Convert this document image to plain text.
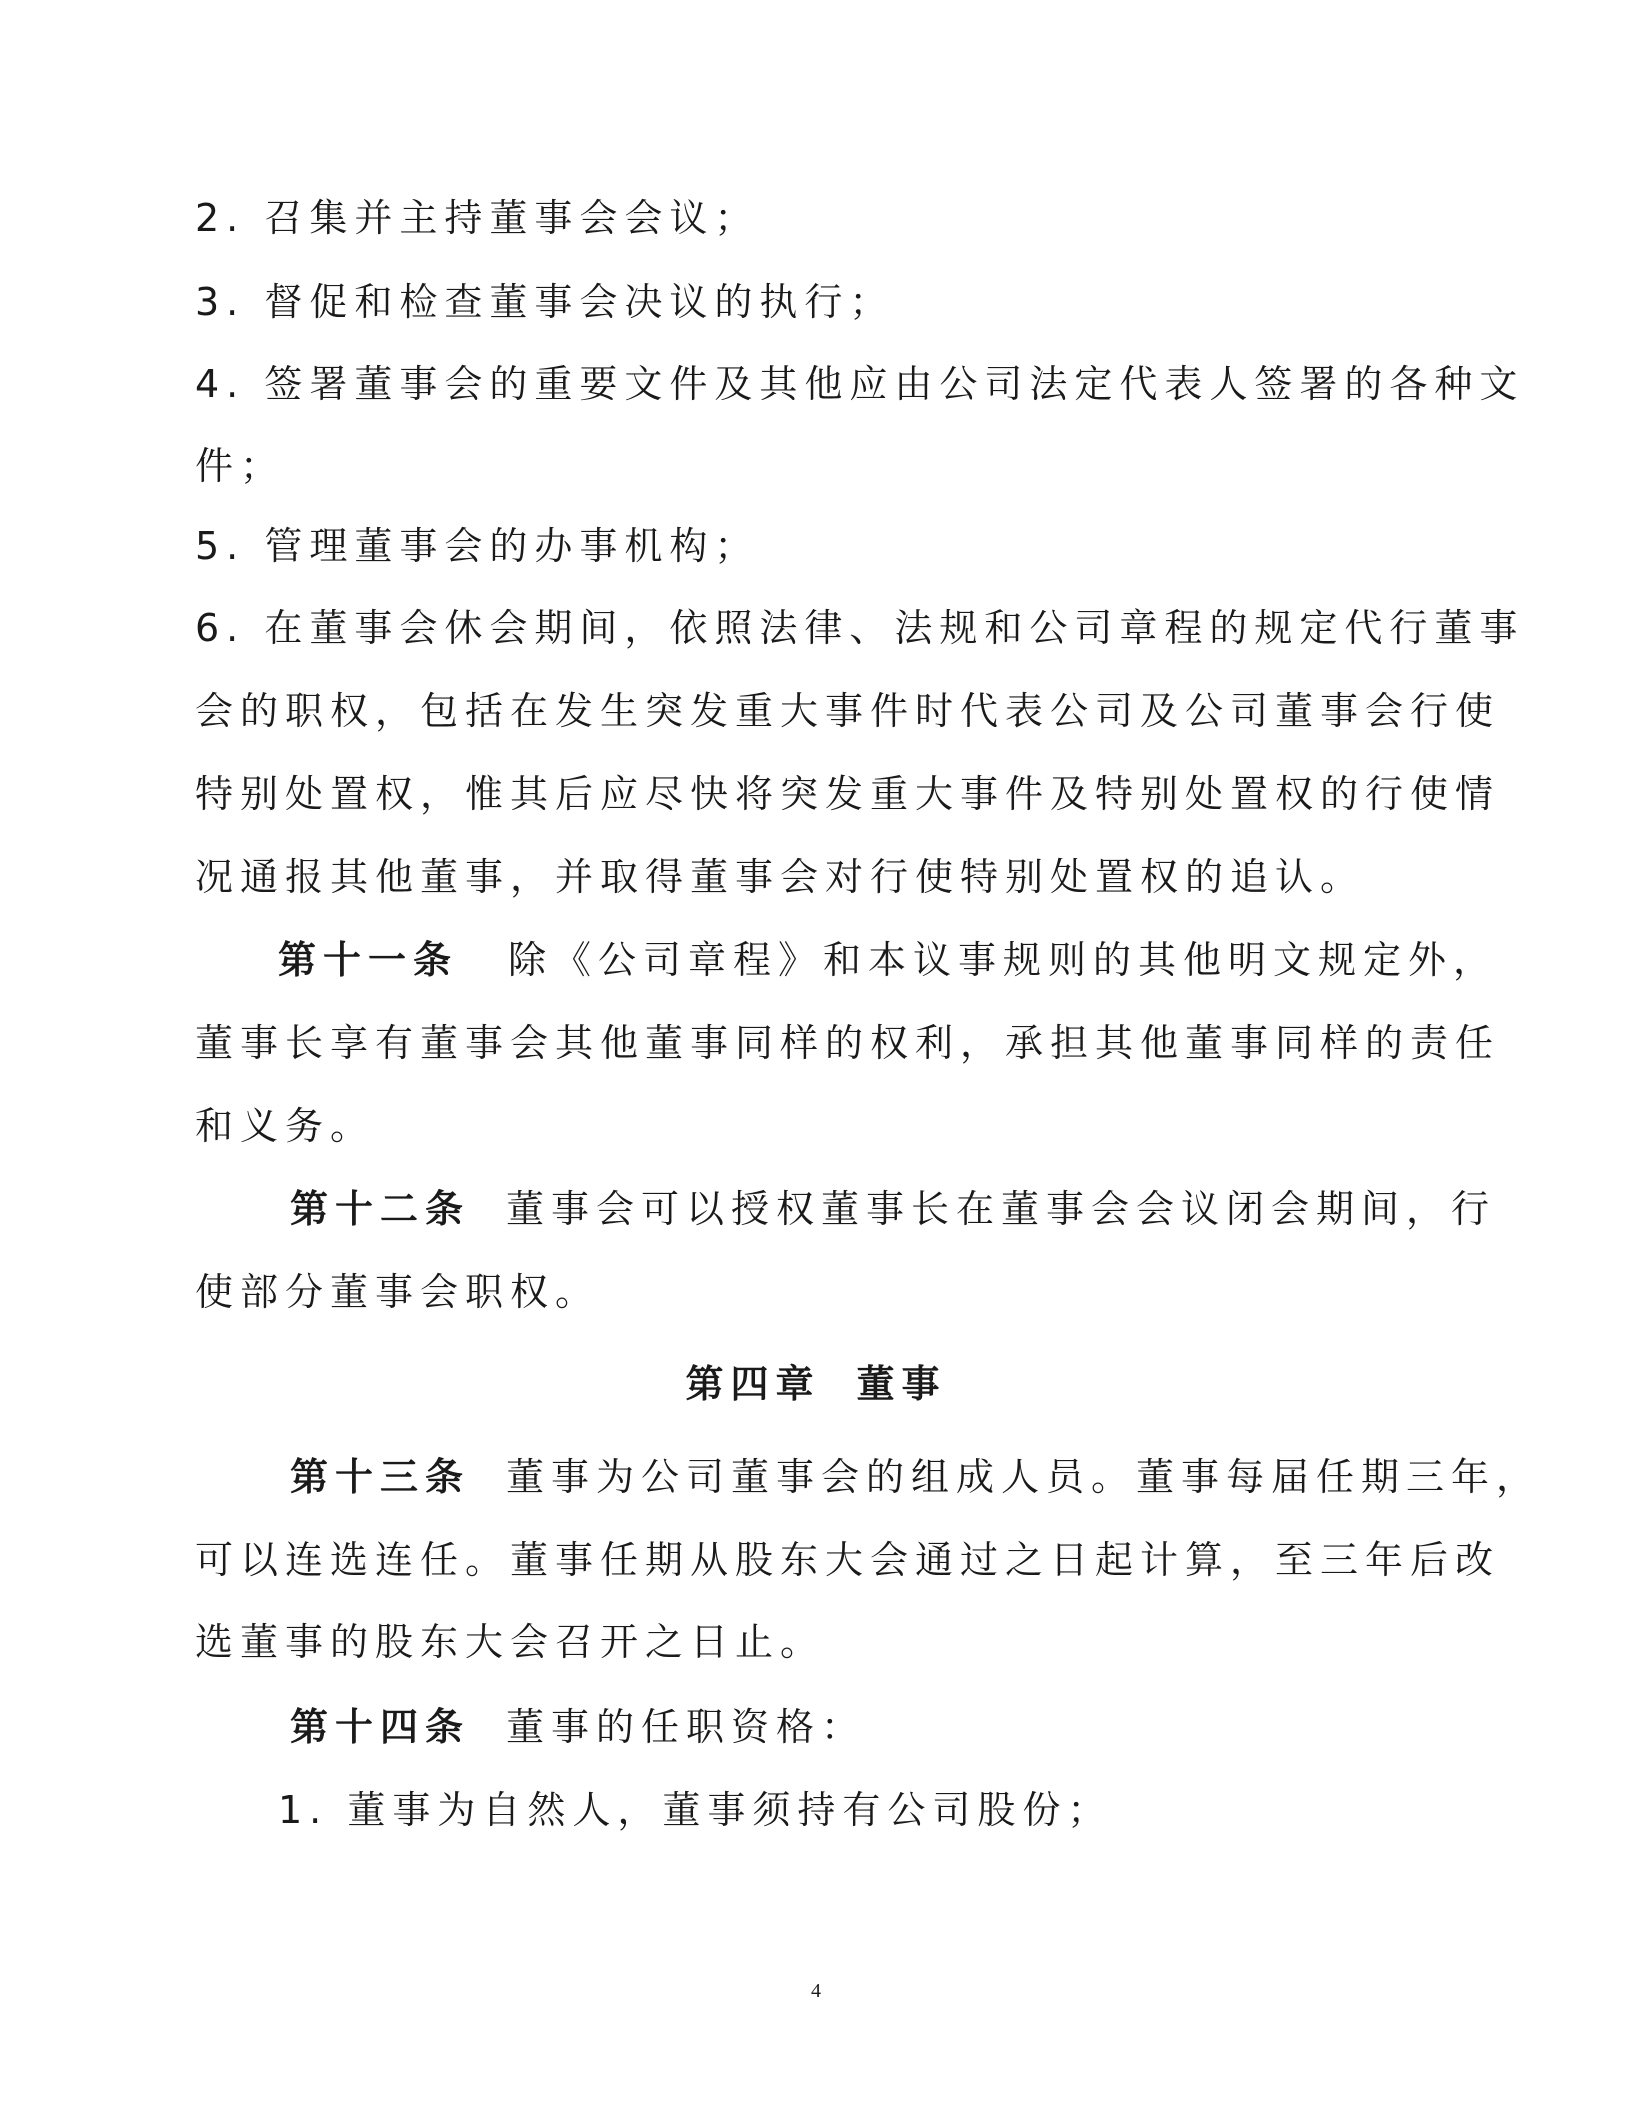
2. 召集并主持董事会会议；
3. 督促和检查董事会决议的执行；
4. 签署董事会的重要文件及其他应由公司法定代表人签署的各种文
件；
5. 管理董事会的办事机构；
6. 在董事会休会期间，依照法律、法规和公司章程的规定代行董事
会的职权，包括在发生突发重大事件时代表公司及公司董事会行使
特别处置权，惟其后应尽快将突发重大事件及特别处置权的行使情
况通报其他董事，并取得董事会对行使特别处置权的追认。
第十一条 除《公司章程》和本议事规则的其他明文规定外，
董事长享有董事会其他董事同样的权利，承担其他董事同样的责任
和义务。
第十二条 董事会可以授权董事长在董事会会议闭会期间，行
使部分董事会职权。
第四章 董事
第十三条 董事为公司董事会的组成人员。董事每届任期三年，
可以连选连任。董事任期从股东大会通过之日起计算，至三年后改
选董事的股东大会召开之日止。
第十四条 董事的任职资格：
1. 董事为自然人，董事须持有公司股份；
4
